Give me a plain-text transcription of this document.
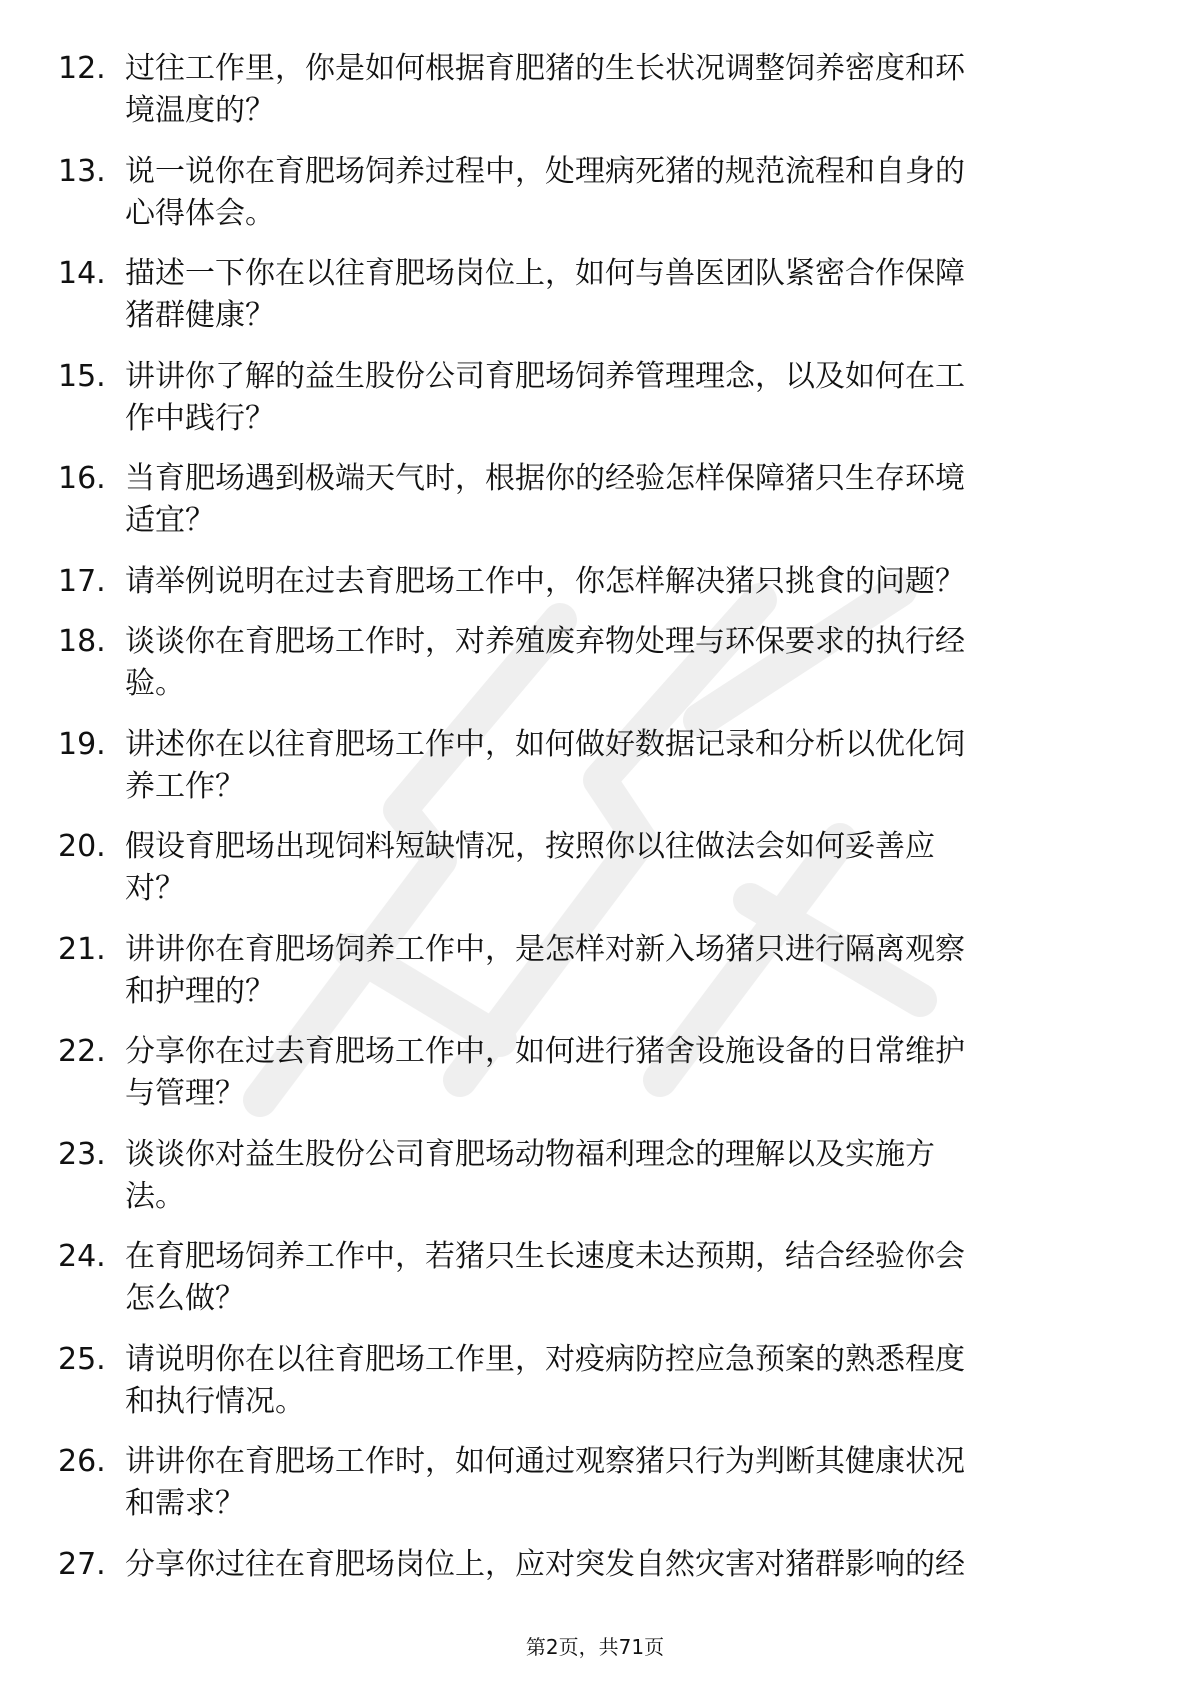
12. 过往工作里，你是如何根据育肥猪的生长状况调整饲养密度和环
境温度的？
13. 说一说你在育肥场饲养过程中，处理病死猪的规范流程和自身的
心得体会。
14. 描述一下你在以往育肥场岗位上，如何与兽医团队紧密合作保障
猪群健康？
15. 讲讲你了解的益生股份公司育肥场饲养管理理念，以及如何在工
作中践行？
16. 当育肥场遇到极端天气时，根据你的经验怎样保障猪只生存环境
适宜？
17. 请举例说明在过去育肥场工作中，你怎样解决猪只挑食的问题？
18. 谈谈你在育肥场工作时，对养殖废弃物处理与环保要求的执行经
验。
19. 讲述你在以往育肥场工作中，如何做好数据记录和分析以优化饲
养工作？
20. 假设育肥场出现饲料短缺情况，按照你以往做法会如何妥善应
对？
21. 讲讲你在育肥场饲养工作中，是怎样对新入场猪只进行隔离观察
和护理的？
22. 分享你在过去育肥场工作中，如何进行猪舍设施设备的日常维护
与管理？
23. 谈谈你对益生股份公司育肥场动物福利理念的理解以及实施方
法。
24. 在育肥场饲养工作中，若猪只生长速度未达预期，结合经验你会
怎么做？
25. 请说明你在以往育肥场工作里，对疫病防控应急预案的熟悉程度
和执行情况。
26. 讲讲你在育肥场工作时，如何通过观察猪只行为判断其健康状况
和需求？
27. 分享你过往在育肥场岗位上，应对突发自然灾害对猪群影响的经
第2页，共71页
